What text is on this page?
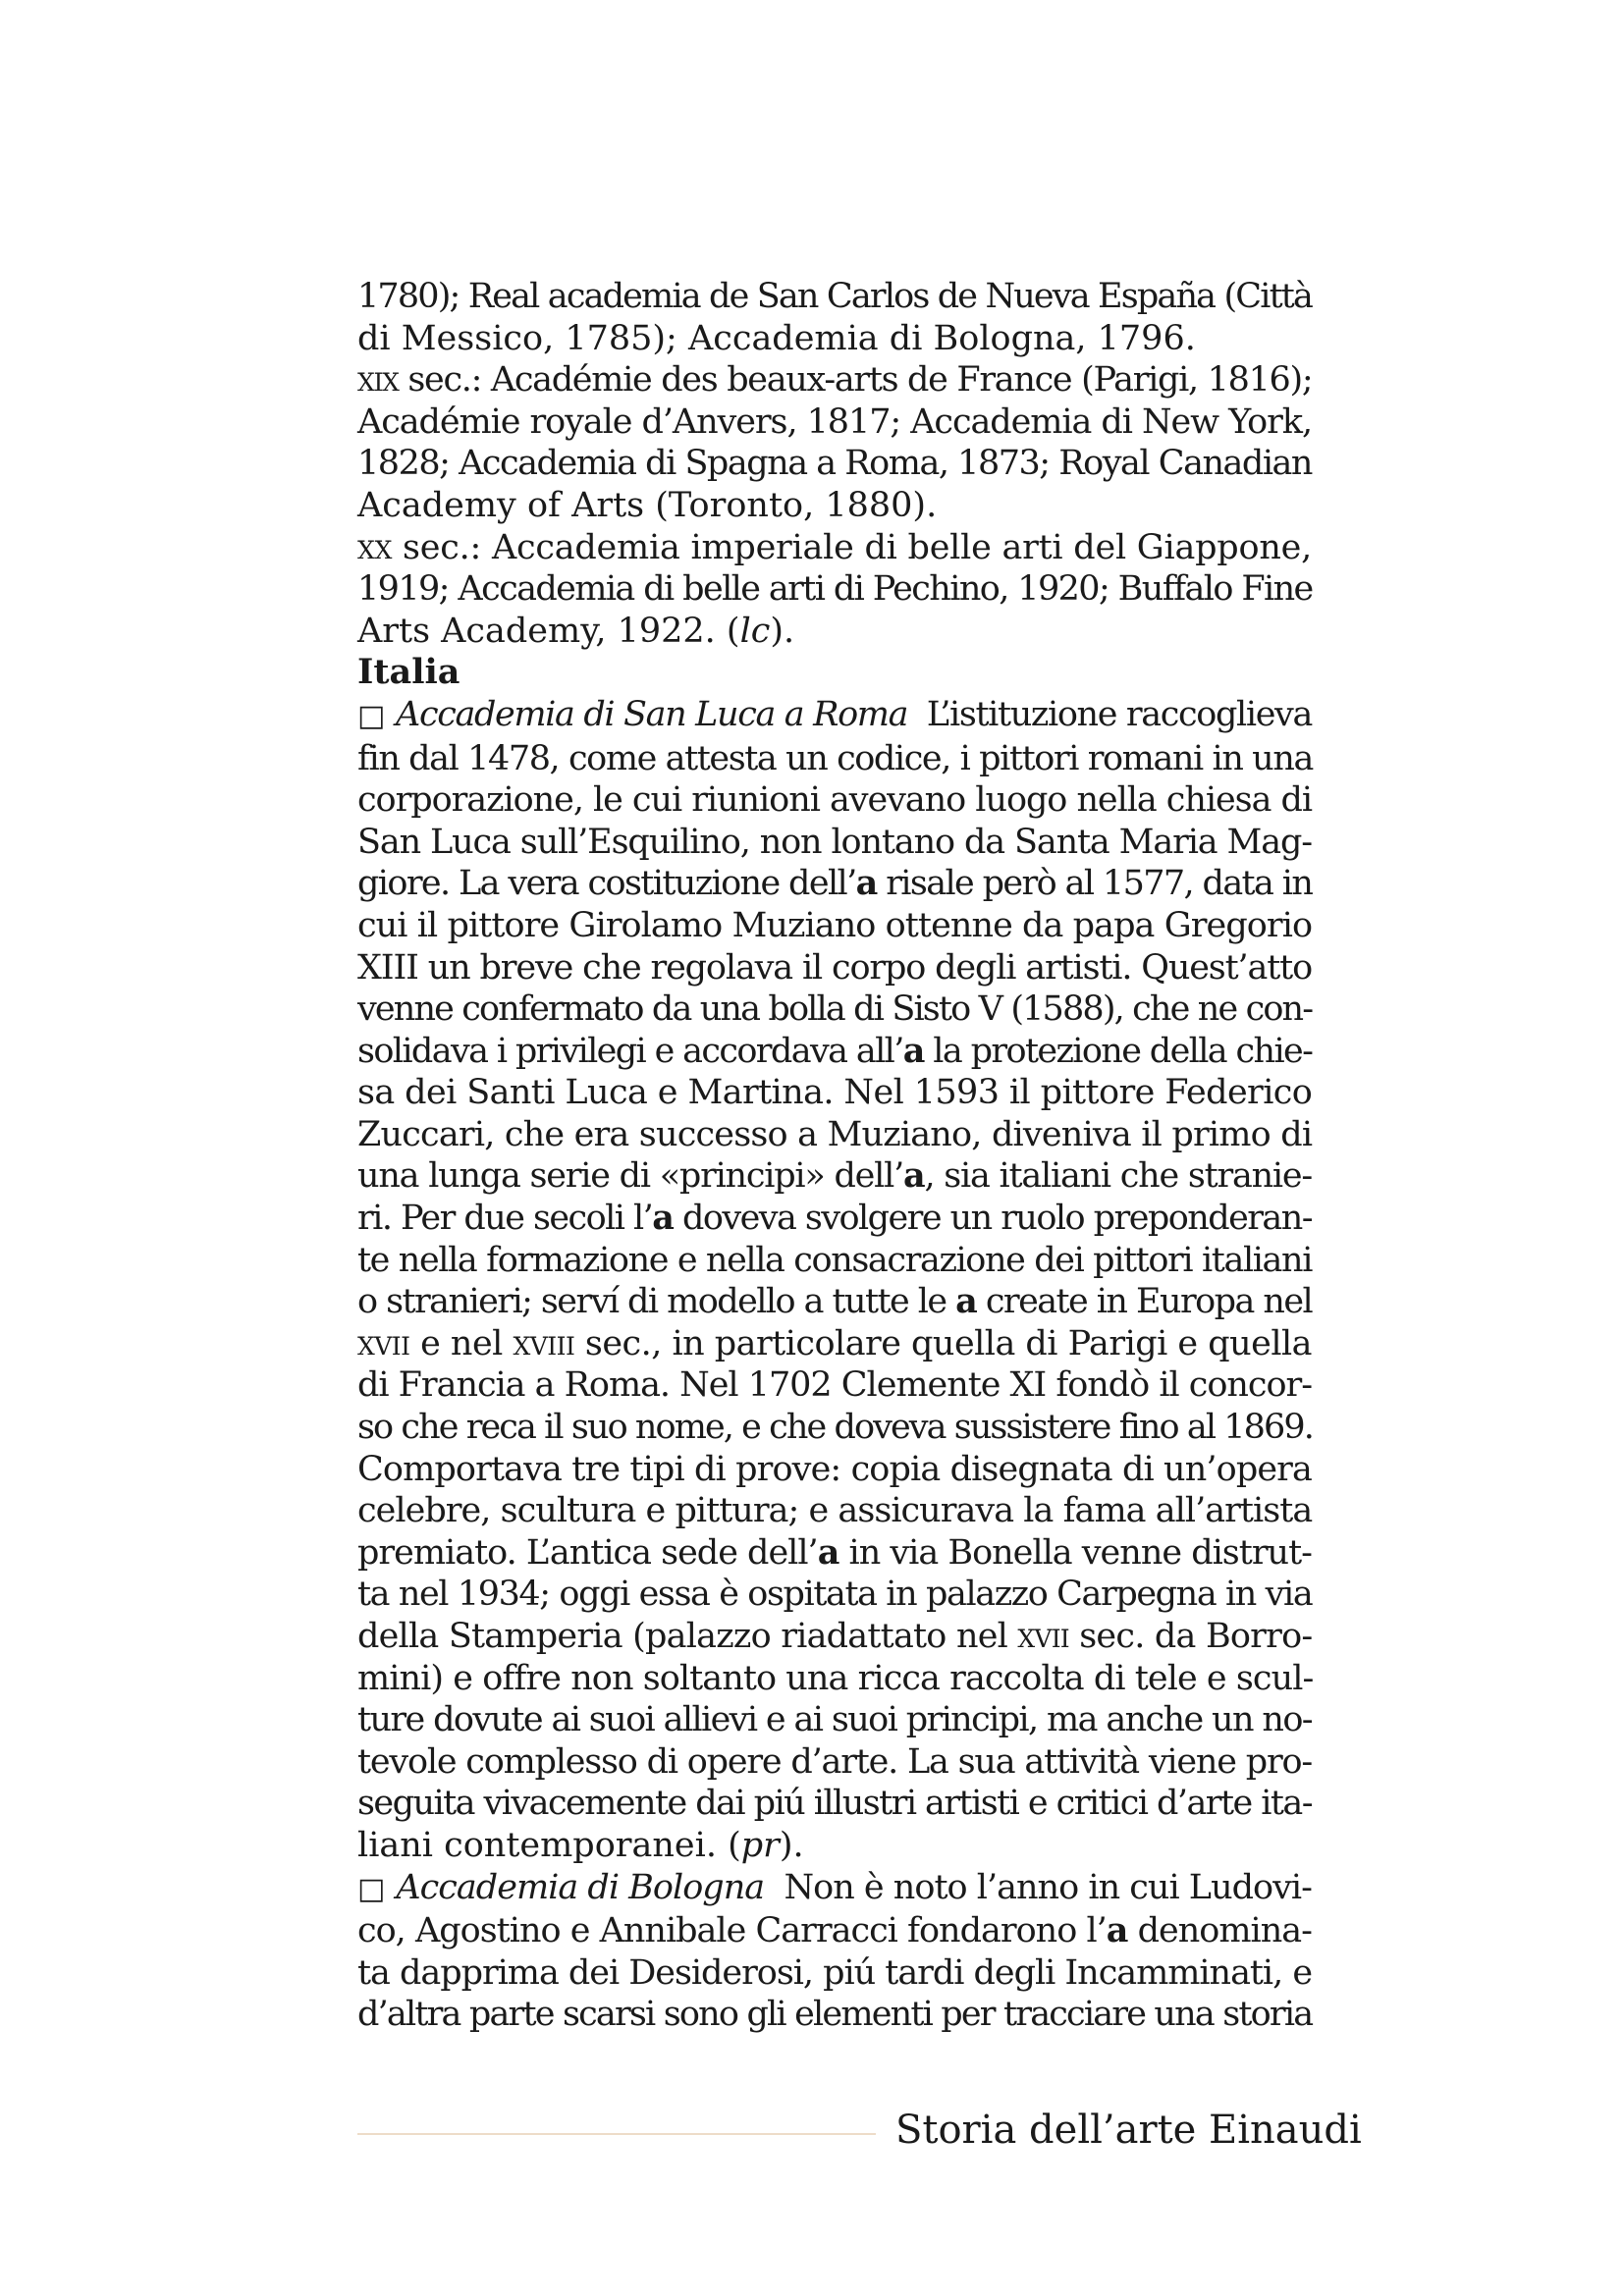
1780); Real academia de San Carlos de Nueva España (Città
di Messico, 1785); Accademia di Bologna, 1796.

xix sec.: Académie des beaux-arts de France (Parigi, 1816);
Académie royale d’Anvers, 1817; Accademia di New York,
1828; Accademia di Spagna a Roma, 1873; Royal Canadian
Academy of Arts (Toronto, 1880).

xx sec.: Accademia imperiale di belle arti del Giappone,
1919; Accademia di belle arti di Pechino, 1920; Buffalo Fine
Arts Academy, 1922. (lc).

Italia

□ Accademia di San Luca a Roma L’istituzione raccoglieva
fin dal 1478, come attesta un codice, i pittori romani in una
corporazione, le cui riunioni avevano luogo nella chiesa di
San Luca sull’Esquilino, non lontano da Santa Maria Mag-
giore. La vera costituzione dell’a risale però al 1577, data in
cui il pittore Girolamo Muziano ottenne da papa Gregorio
XIII un breve che regolava il corpo degli artisti. Quest’atto
venne confermato da una bolla di Sisto V (1588), che ne con-
solidava i privilegi e accordava all’a la protezione della chie-
sa dei Santi Luca e Martina. Nel 1593 il pittore Federico
Zuccari, che era successo a Muziano, diveniva il primo di
una lunga serie di «principi» dell’a, sia italiani che stranie-
ri. Per due secoli l’a doveva svolgere un ruolo preponderan-
te nella formazione e nella consacrazione dei pittori italiani
o stranieri; serví di modello a tutte le a create in Europa nel
xvii e nel xviii sec., in particolare quella di Parigi e quella
di Francia a Roma. Nel 1702 Clemente XI fondò il concor-
so che reca il suo nome, e che doveva sussistere fino al 1869.
Comportava tre tipi di prove: copia disegnata di un’opera
celebre, scultura e pittura; e assicurava la fama all’artista
premiato. L’antica sede dell’a in via Bonella venne distrut-
ta nel 1934; oggi essa è ospitata in palazzo Carpegna in via
della Stamperia (palazzo riadattato nel xvii sec. da Borro-
mini) e offre non soltanto una ricca raccolta di tele e scul-
ture dovute ai suoi allievi e ai suoi principi, ma anche un no-
tevole complesso di opere d’arte. La sua attività viene pro-
seguita vivacemente dai piú illustri artisti e critici d’arte ita-
liani contemporanei. (pr).

□ Accademia di Bologna Non è noto l’anno in cui Ludovi-
co, Agostino e Annibale Carracci fondarono l’a denomina-
ta dapprima dei Desiderosi, piú tardi degli Incamminati, e
d’altra parte scarsi sono gli elementi per tracciare una storia

Storia dell’arte Einaudi
